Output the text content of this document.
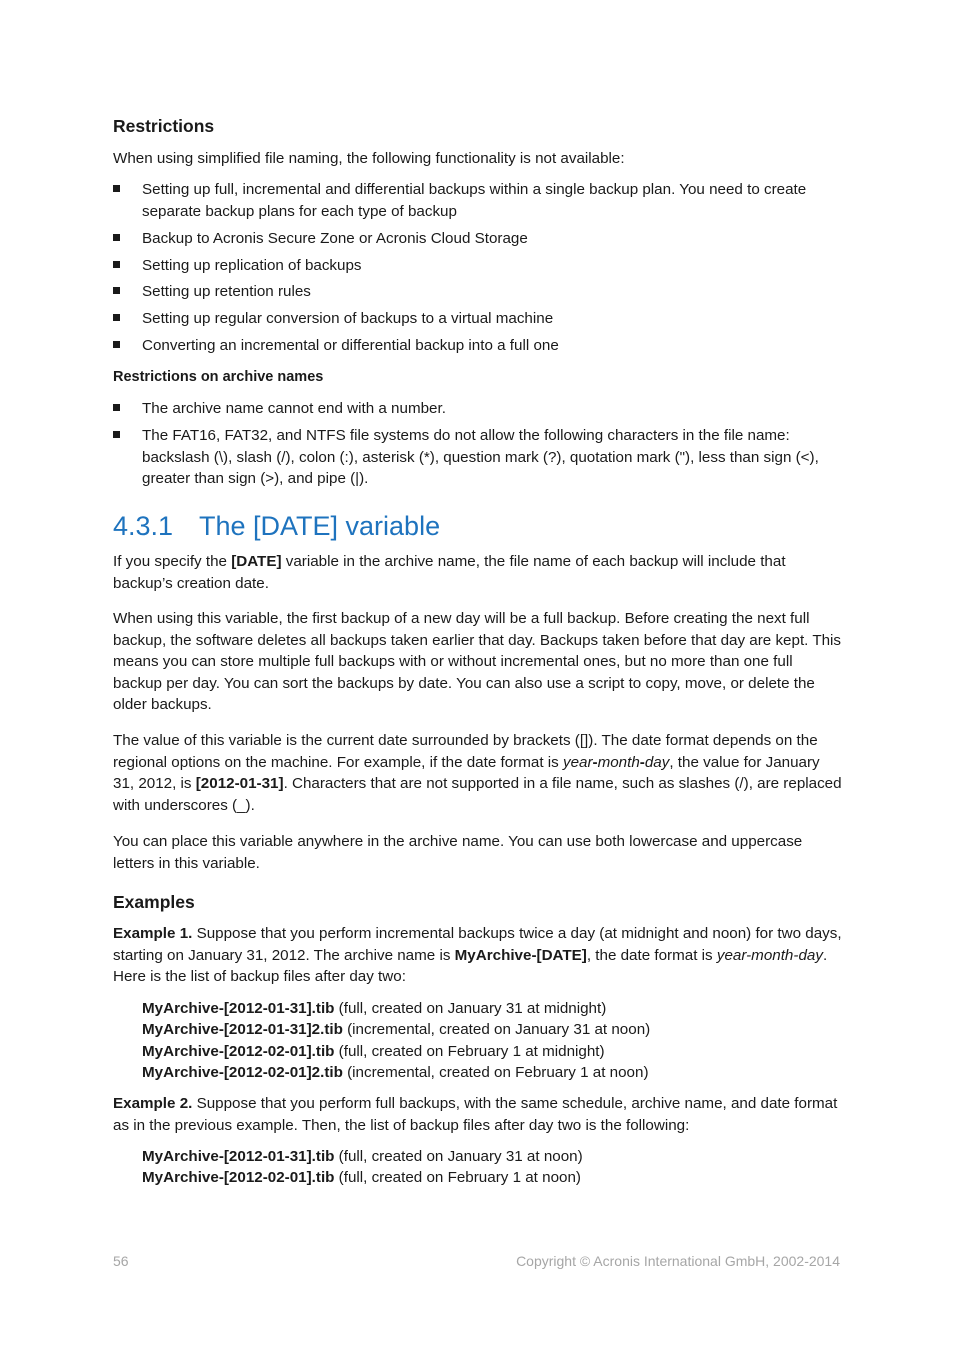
Restrictions
When using simplified file naming, the following functionality is not available:
Setting up full, incremental and differential backups within a single backup plan. You need to create separate backup plans for each type of backup
Backup to Acronis Secure Zone or Acronis Cloud Storage
Setting up replication of backups
Setting up retention rules
Setting up regular conversion of backups to a virtual machine
Converting an incremental or differential backup into a full one
Restrictions on archive names
The archive name cannot end with a number.
The FAT16, FAT32, and NTFS file systems do not allow the following characters in the file name: backslash (\), slash (/), colon (:), asterisk (*), question mark (?), quotation mark ("), less than sign (<), greater than sign (>), and pipe (|).
4.3.1 The [DATE] variable
If you specify the [DATE] variable in the archive name, the file name of each backup will include that backup’s creation date.
When using this variable, the first backup of a new day will be a full backup. Before creating the next full backup, the software deletes all backups taken earlier that day. Backups taken before that day are kept. This means you can store multiple full backups with or without incremental ones, but no more than one full backup per day. You can sort the backups by date. You can also use a script to copy, move, or delete the older backups.
The value of this variable is the current date surrounded by brackets ([]). The date format depends on the regional options on the machine. For example, if the date format is year-month-day, the value for January 31, 2012, is [2012-01-31]. Characters that are not supported in a file name, such as slashes (/), are replaced with underscores (_).
You can place this variable anywhere in the archive name. You can use both lowercase and uppercase letters in this variable.
Examples
Example 1. Suppose that you perform incremental backups twice a day (at midnight and noon) for two days, starting on January 31, 2012. The archive name is MyArchive-[DATE], the date format is year-month-day. Here is the list of backup files after day two:
MyArchive-[2012-01-31].tib (full, created on January 31 at midnight)
MyArchive-[2012-01-31]2.tib (incremental, created on January 31 at noon)
MyArchive-[2012-02-01].tib (full, created on February 1 at midnight)
MyArchive-[2012-02-01]2.tib (incremental, created on February 1 at noon)
Example 2. Suppose that you perform full backups, with the same schedule, archive name, and date format as in the previous example. Then, the list of backup files after day two is the following:
MyArchive-[2012-01-31].tib (full, created on January 31 at noon)
MyArchive-[2012-02-01].tib (full, created on February 1 at noon)
56	Copyright © Acronis International GmbH, 2002-2014
